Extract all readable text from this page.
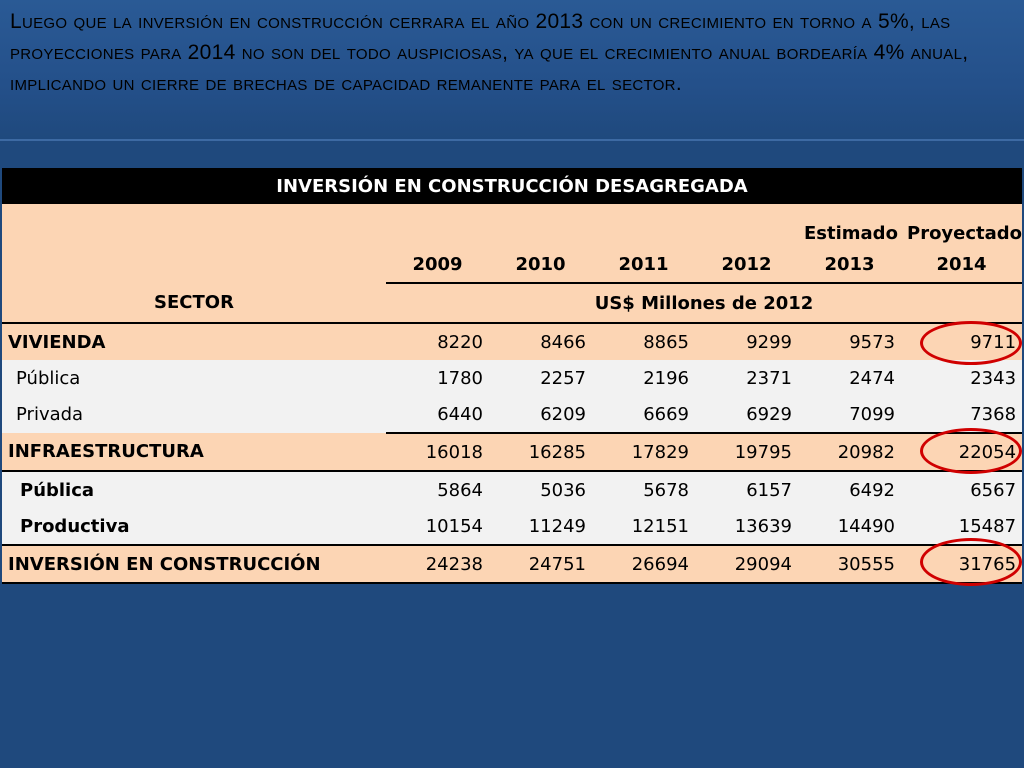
Luego que la inversión en construcción cerrara el año 2013 con un crecimiento en torno a 5%, las proyecciones para 2014 no son del todo auspiciosas, ya que el crecimiento anual bordearía 4% anual, implicando un cierre de brechas de capacidad remanente para el sector.
INVERSIÓN EN CONSTRUCCIÓN DESAGREGADA						
					Estimado	Proyectado
	2009	2010	2011	2012	2013	2014
SECTOR	US$ Millones de 2012					
VIVIENDA	8220	8466	8865	9299	9573	9711
Pública	1780	2257	2196	2371	2474	2343
Privada	6440	6209	6669	6929	7099	7368
INFRAESTRUCTURA	16018	16285	17829	19795	20982	22054
Pública	5864	5036	5678	6157	6492	6567
Productiva	10154	11249	12151	13639	14490	15487
INVERSIÓN EN CONSTRUCCIÓN	24238	24751	26694	29094	30555	31765
